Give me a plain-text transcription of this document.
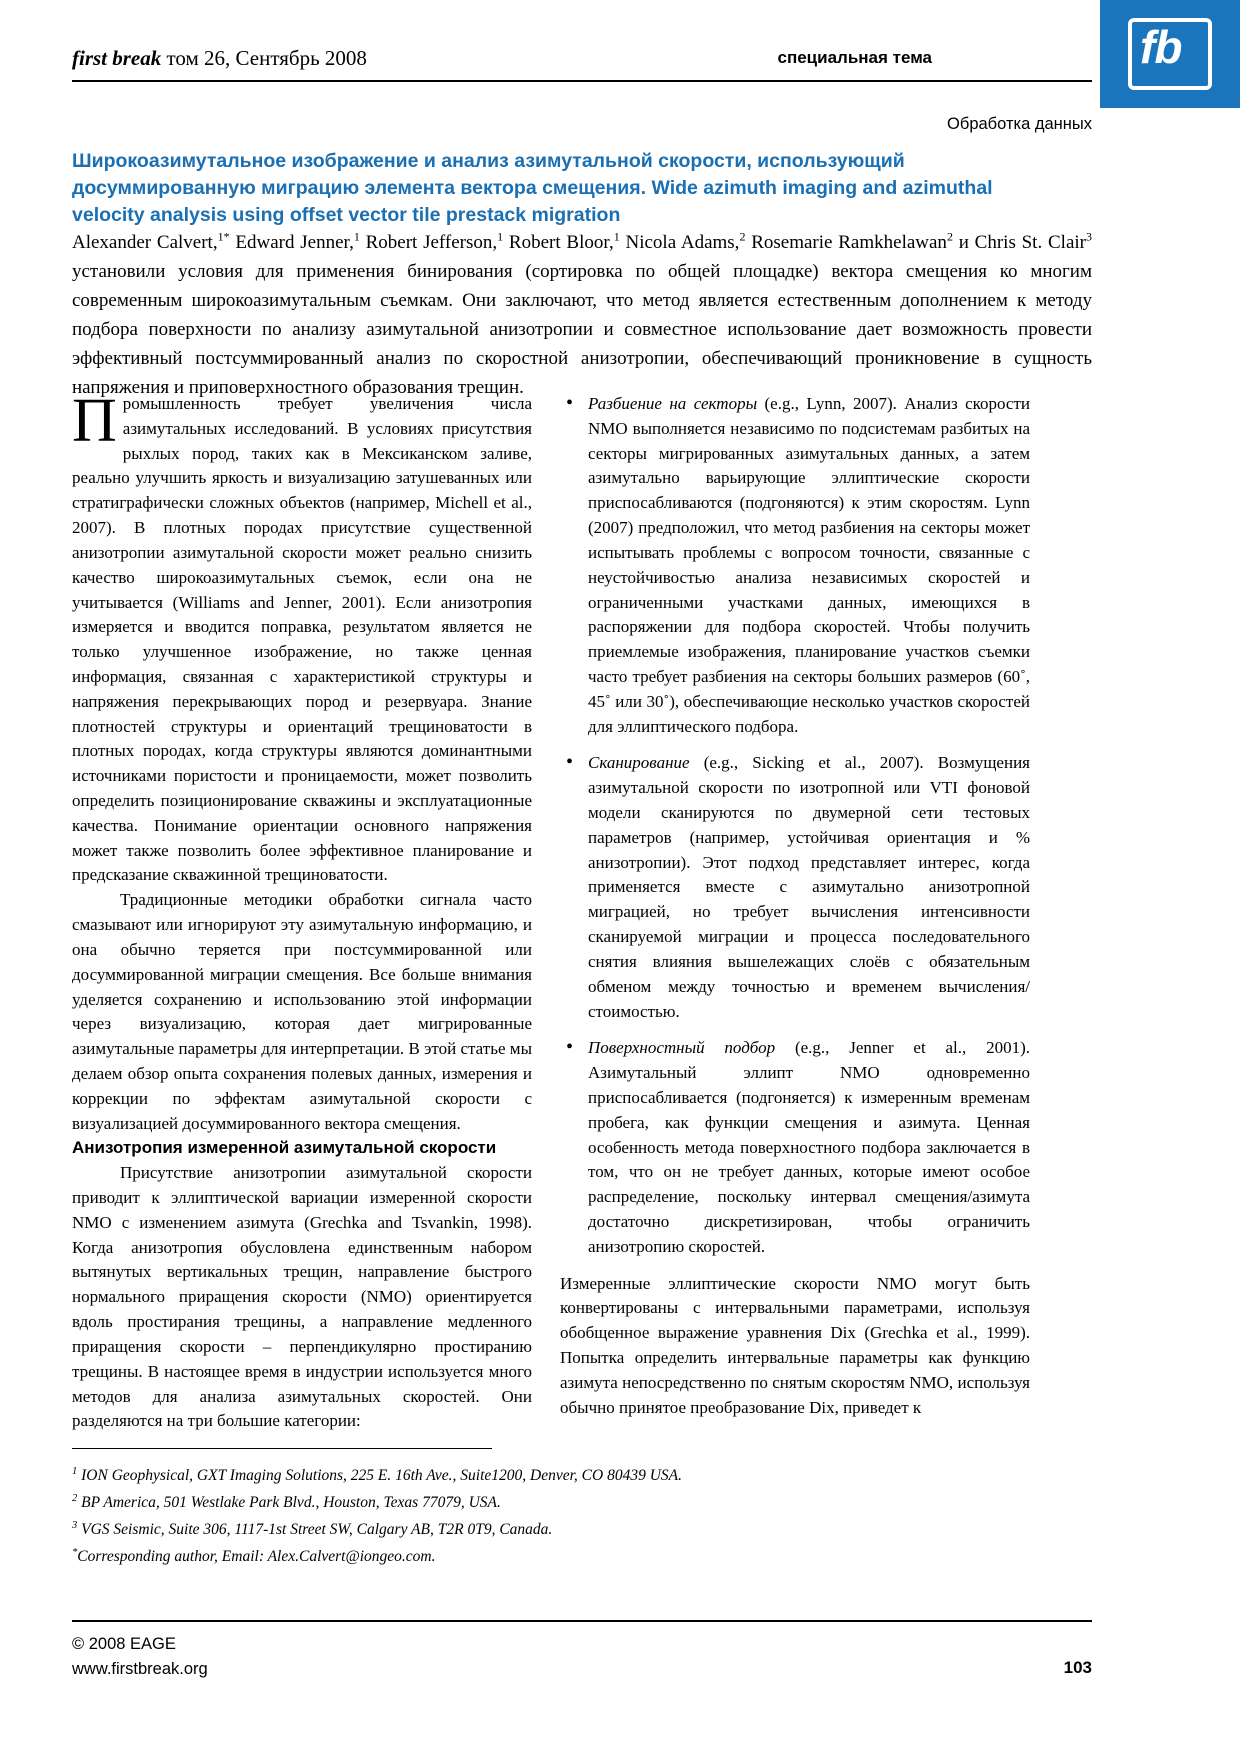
fb
first break том 26, Сентябрь 2008	специальная тема
Обработка данных
Широкоазимутальное изображение и анализ азимутальной скорости, использующий досуммированную миграцию элемента вектора смещения. Wide azimuth imaging and azimuthal velocity analysis using offset vector tile prestack migration
Alexander Calvert,$^{1*}$ Edward Jenner,$^1$ Robert Jefferson,$^1$ Robert Bloor,$^1$ Nicola Adams,$^2$ Rosemarie Ramkhelawan$^2$ и Chris St. Clair$^3$ установили условия для применения бинирования (сортировка по общей площадке) вектора смещения ко многим современным широкоазимутальным съемкам. Они заключают, что метод является естественным дополнением к методу подбора поверхности по анализу азимутальной анизотропии и совместное использование дает возможность провести эффективный постсуммированный анализ по скоростной анизотропии, обеспечивающий проникновение в сущность напряжения и приповерхностного образования трещин.

Промышленность требует увеличения числа азимутальных исследований. В условиях присутствия рыхлых пород, таких как в Мексиканском заливе, реально улучшить яркость и визуализацию затушеванных или стратиграфически сложных объектов (например, Michell et al., 2007). В плотных породах присутствие существенной анизотропии азимутальной скорости может реально снизить качество широкоазимутальных съемок, если она не учитывается (Williams and Jenner, 2001). Если анизотропия измеряется и вводится поправка, результатом является не только улучшенное изображение, но также ценная информация, связанная с характеристикой структуры и напряжения перекрывающих пород и резервуара. Знание плотностей структуры и ориентаций трещиноватости в плотных породах, когда структуры являются доминантными источниками пористости и проницаемости, может позволить определить позиционирование скважины и эксплуатационные качества. Понимание ориентации основного напряжения может также позволить более эффективное планирование и предсказание скважинной трещиноватости.

Традиционные методики обработки сигнала часто смазывают или игнорируют эту азимутальную информацию, и она обычно теряется при постсуммированной или досуммированной миграции смещения. Все больше внимания уделяется сохранению и использованию этой информации через визуализацию, которая дает мигрированные азимутальные параметры для интерпретации. В этой статье мы делаем обзор опыта сохранения полевых данных, измерения и коррекции по эффектам азимутальной скорости с визуализацией досуммированного вектора смещения.

Анизотропия измеренной азимутальной скорости

Присутствие анизотропии азимутальной скорости приводит к эллиптической вариации измеренной скорости NMO с изменением азимута (Grechka and Tsvankin, 1998). Когда анизотропия обусловлена единственным набором вытянутых вертикальных трещин, направление быстрого нормального приращения скорости (NMO) ориентируется вдоль простирания трещины, а направление медленного приращения скорости – перпендикулярно простиранию трещины. В настоящее время в индустрии используется много методов для анализа азимутальных скоростей. Они разделяются на три большие категории:

• Разбиение на секторы (e.g., Lynn, 2007). Анализ скорости NMO выполняется независимо по подсистемам разбитых на секторы мигрированных азимутальных данных, а затем азимутально варьирующие эллиптические скорости приспосабливаются (подгоняются) к этим скоростям. Lynn (2007) предположил, что метод разбиения на секторы может испытывать проблемы с вопросом точности, связанные с неустойчивостью анализа независимых скоростей и ограниченными участками данных, имеющихся в распоряжении для подбора скоростей. Чтобы получить приемлемые изображения, планирование участков съемки часто требует разбиения на секторы больших размеров (60˚, 45˚ или 30˚), обеспечивающие несколько участков скоростей для эллиптического подбора.
• Сканирование (e.g., Sicking et al., 2007). Возмущения азимутальной скорости по изотропной или VTI фоновой модели сканируются по двумерной сети тестовых параметров (например, устойчивая ориентация и % анизотропии). Этот подход представляет интерес, когда применяется вместе с азимутально анизотропной миграцией, но требует вычисления интенсивности сканируемой миграции и процесса последовательного снятия влияния вышележащих слоёв с обязательным обменом между точностью и временем вычисления/стоимостью.
• Поверхностный подбор (e.g., Jenner et al., 2001). Азимутальный эллипт NMO одновременно приспосабливается (подгоняется) к измеренным временам пробега, как функции смещения и азимута. Ценная особенность метода поверхностного подбора заключается в том, что он не требует данных, которые имеют особое распределение, поскольку интервал смещения/азимута достаточно дискретизирован, чтобы ограничить анизотропию скоростей.

Измеренные эллиптические скорости NMO могут быть конвертированы с интервальными параметрами, используя обобщенное выражение уравнения Dix (Grechka et al., 1999). Попытка определить интервальные параметры как функцию азимута непосредственно по снятым скоростям NMO, используя обычно принятое преобразование Dix, приведет к

$^1$ ION Geophysical, GXT Imaging Solutions, 225 E. 16th Ave., Suite1200, Denver, CO 80439 USA.
$^2$ BP America, 501 Westlake Park Blvd., Houston, Texas 77079, USA.
$^3$ VGS Seismic, Suite 306, 1117-1st Street SW, Calgary AB, T2R 0T9, Canada.
*Corresponding author, Email: Alex.Calvert@iongeo.com.
© 2008 EAGE
www.firstbreak.org	103
